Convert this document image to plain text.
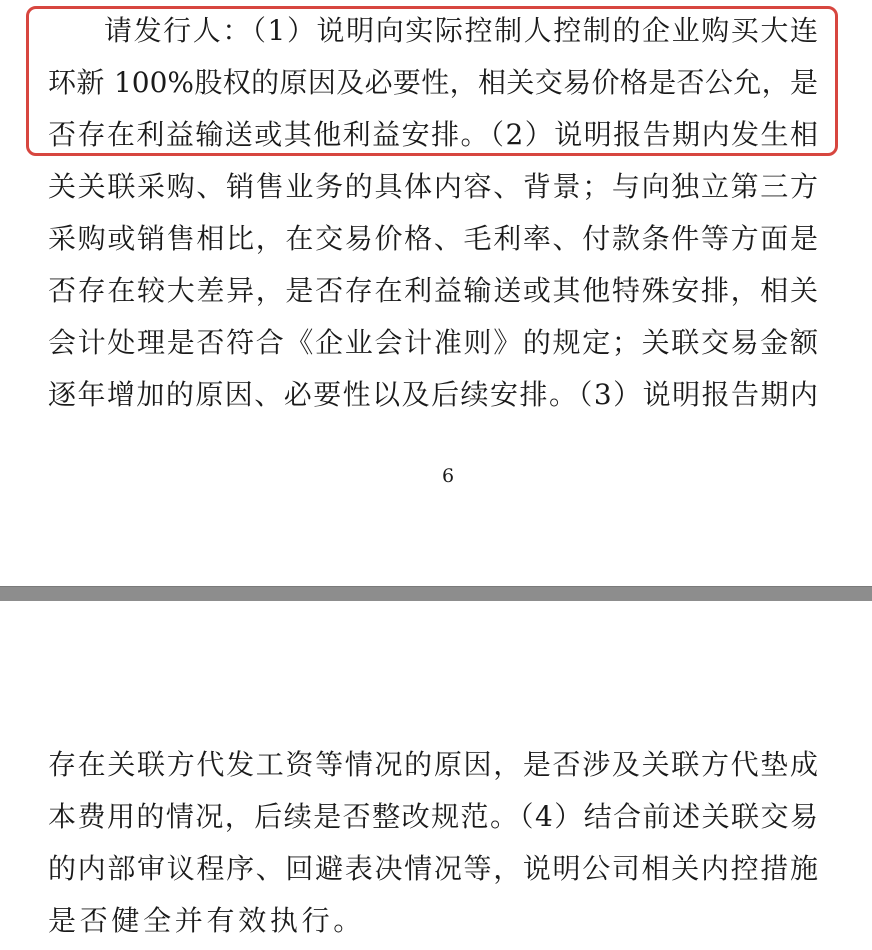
请发行人：（1）说明向实际控制人控制的企业购买大连
环新 100%股权的原因及必要性，相关交易价格是否公允，是
否存在利益输送或其他利益安排。（2）说明报告期内发生相
关关联采购、销售业务的具体内容、背景；与向独立第三方
采购或销售相比，在交易价格、毛利率、付款条件等方面是
否存在较大差异，是否存在利益输送或其他特殊安排，相关
会计处理是否符合《企业会计准则》的规定；关联交易金额
逐年增加的原因、必要性以及后续安排。（3）说明报告期内
6
存在关联方代发工资等情况的原因，是否涉及关联方代垫成
本费用的情况，后续是否整改规范。（4）结合前述关联交易
的内部审议程序、回避表决情况等，说明公司相关内控措施
是否健全并有效执行。
